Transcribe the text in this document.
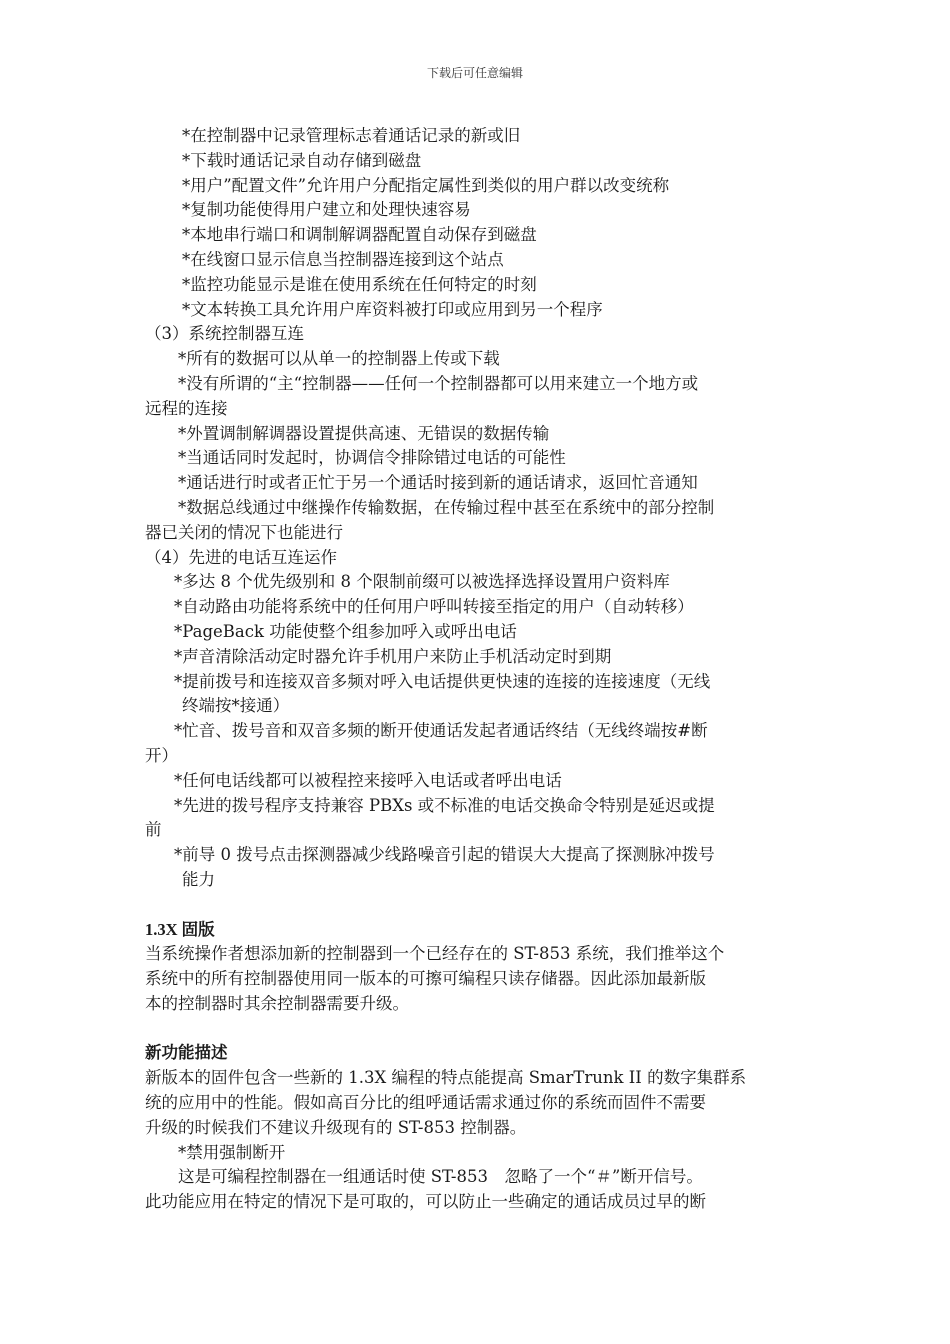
下载后可任意编辑
*在控制器中记录管理标志着通话记录的新或旧
*下载时通话记录自动存储到磁盘
*用户”配置文件”允许用户分配指定属性到类似的用户群以改变统称
*复制功能使得用户建立和处理快速容易
*本地串行端口和调制解调器配置自动保存到磁盘
*在线窗口显示信息当控制器连接到这个站点
*监控功能显示是谁在使用系统在任何特定的时刻
*文本转换工具允许用户库资料被打印或应用到另一个程序
（3）系统控制器互连
*所有的数据可以从单一的控制器上传或下载
*没有所谓的“主“控制器——任何一个控制器都可以用来建立一个地方或
远程的连接
*外置调制解调器设置提供高速、无错误的数据传输
*当通话同时发起时，协调信令排除错过电话的可能性
*通话进行时或者正忙于另一个通话时接到新的通话请求，返回忙音通知
*数据总线通过中继操作传输数据，在传输过程中甚至在系统中的部分控制
器已关闭的情况下也能进行
（4）先进的电话互连运作
*多达 8 个优先级别和 8 个限制前缀可以被选择选择设置用户资料库
*自动路由功能将系统中的任何用户呼叫转接至指定的用户（自动转移）
*PageBack 功能使整个组参加呼入或呼出电话
*声音清除活动定时器允许手机用户来防止手机活动定时到期
*提前拨号和连接双音多频对呼入电话提供更快速的连接的连接速度（无线
终端按*接通）
*忙音、拨号音和双音多频的断开使通话发起者通话终结（无线终端按#断
开）
*任何电话线都可以被程控来接呼入电话或者呼出电话
*先进的拨号程序支持兼容 PBXs 或不标准的电话交换命令特别是延迟或提
前
*前导 0 拨号点击探测器减少线路噪音引起的错误大大提高了探测脉冲拨号
能力
1.3X 固版
当系统操作者想添加新的控制器到一个已经存在的 ST-853 系统，我们推举这个
系统中的所有控制器使用同一版本的可擦可编程只读存储器。因此添加最新版
本的控制器时其余控制器需要升级。
新功能描述
新版本的固件包含一些新的 1.3X 编程的特点能提高 SmarTrunk II 的数字集群系
统的应用中的性能。假如高百分比的组呼通话需求通过你的系统而固件不需要
升级的时候我们不建议升级现有的 ST-853 控制器。
*禁用强制断开
这是可编程控制器在一组通话时使 ST-853　忽略了一个“＃”断开信号。
此功能应用在特定的情况下是可取的，可以防止一些确定的通话成员过早的断
